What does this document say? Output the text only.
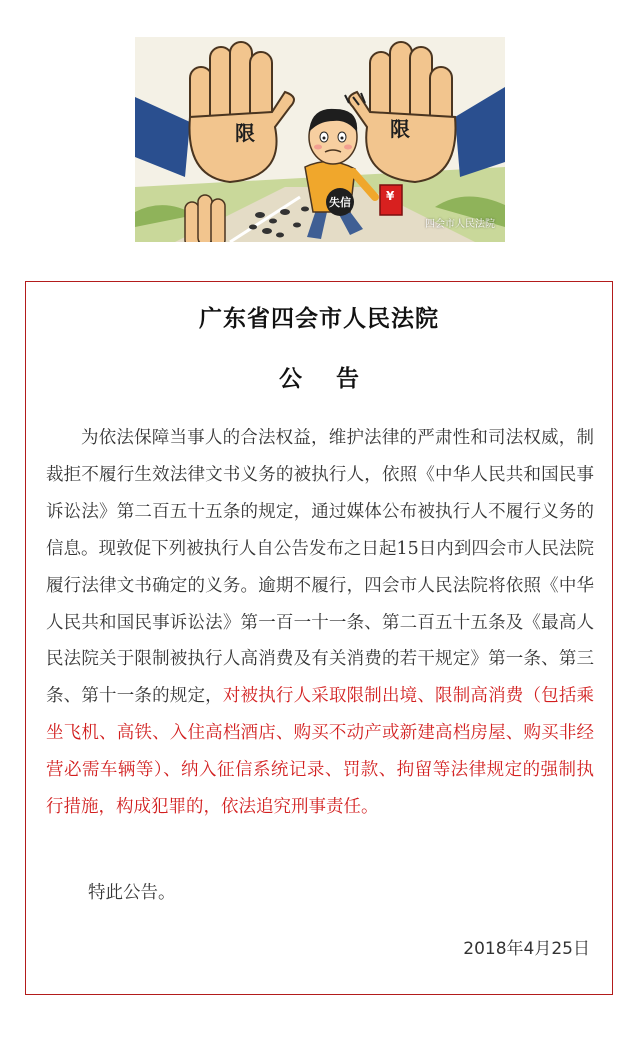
限	限
失信	¥
四会市人民法院
广东省四会市人民法院
公告

为依法保障当事人的合法权益，维护法律的严肃性和司法权威，制裁拒不履行生效法律文书义务的被执行人，依照《中华人民共和国民事诉讼法》第二百五十五条的规定，通过媒体公布被执行人不履行义务的信息。现敦促下列被执行人自公告发布之日起15日内到四会市人民法院履行法律文书确定的义务。逾期不履行，四会市人民法院将依照《中华人民共和国民事诉讼法》第一百一十一条、第二百五十五条及《最高人民法院关于限制被执行人高消费及有关消费的若干规定》第一条、第三条、第十一条的规定，对被执行人采取限制出境、限制高消费（包括乘坐飞机、高铁、入住高档酒店、购买不动产或新建高档房屋、购买非经营必需车辆等）、纳入征信系统记录、罚款、拘留等法律规定的强制执行措施，构成犯罪的，依法追究刑事责任。

特此公告。
2018年4月25日
